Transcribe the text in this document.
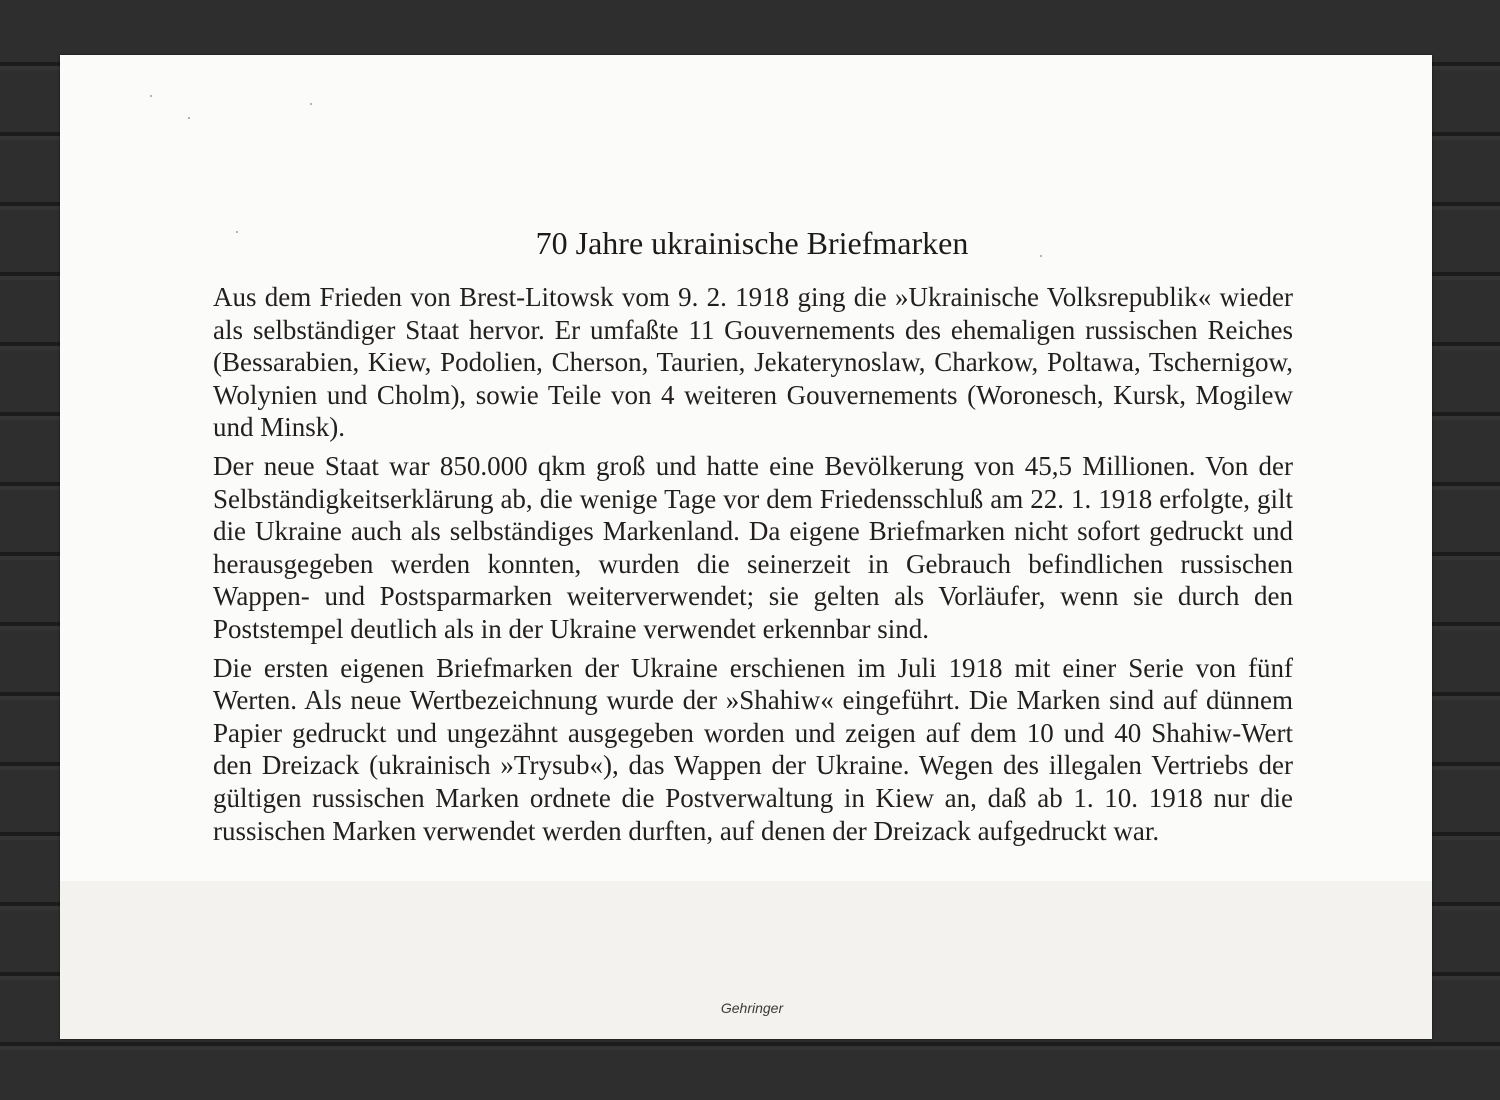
70 Jahre ukrainische Briefmarken

Aus dem Frieden von Brest-Litowsk vom 9. 2. 1918 ging die »Ukrainische Volksrepublik« wieder als selbständiger Staat hervor. Er umfaßte 11 Gouvernements des ehemaligen russischen Reiches (Bessarabien, Kiew, Podolien, Cherson, Taurien, Jekaterynoslaw, Charkow, Poltawa, Tschernigow, Wolynien und Cholm), sowie Teile von 4 weiteren Gouvernements (Woronesch, Kursk, Mogilew und Minsk).

Der neue Staat war 850.000 qkm groß und hatte eine Bevölkerung von 45,5 Millionen. Von der Selbständigkeitserklärung ab, die wenige Tage vor dem Friedensschluß am 22. 1. 1918 erfolgte, gilt die Ukraine auch als selbständiges Markenland. Da eigene Briefmarken nicht sofort gedruckt und herausgegeben werden konnten, wurden die seinerzeit in Gebrauch befindlichen russischen Wappen- und Postsparmarken weiterverwendet; sie gelten als Vorläufer, wenn sie durch den Poststempel deutlich als in der Ukraine verwendet erkennbar sind.

Die ersten eigenen Briefmarken der Ukraine erschienen im Juli 1918 mit einer Serie von fünf Werten. Als neue Wertbezeichnung wurde der »Shahiw« eingeführt. Die Marken sind auf dünnem Papier gedruckt und ungezähnt ausgegeben worden und zeigen auf dem 10 und 40 Shahiw-Wert den Dreizack (ukrainisch »Trysub«), das Wappen der Ukraine. Wegen des illegalen Vertriebs der gültigen russischen Marken ordnete die Postverwaltung in Kiew an, daß ab 1. 10. 1918 nur die russischen Marken verwendet werden durften, auf denen der Dreizack aufgedruckt war.

Gehringer
